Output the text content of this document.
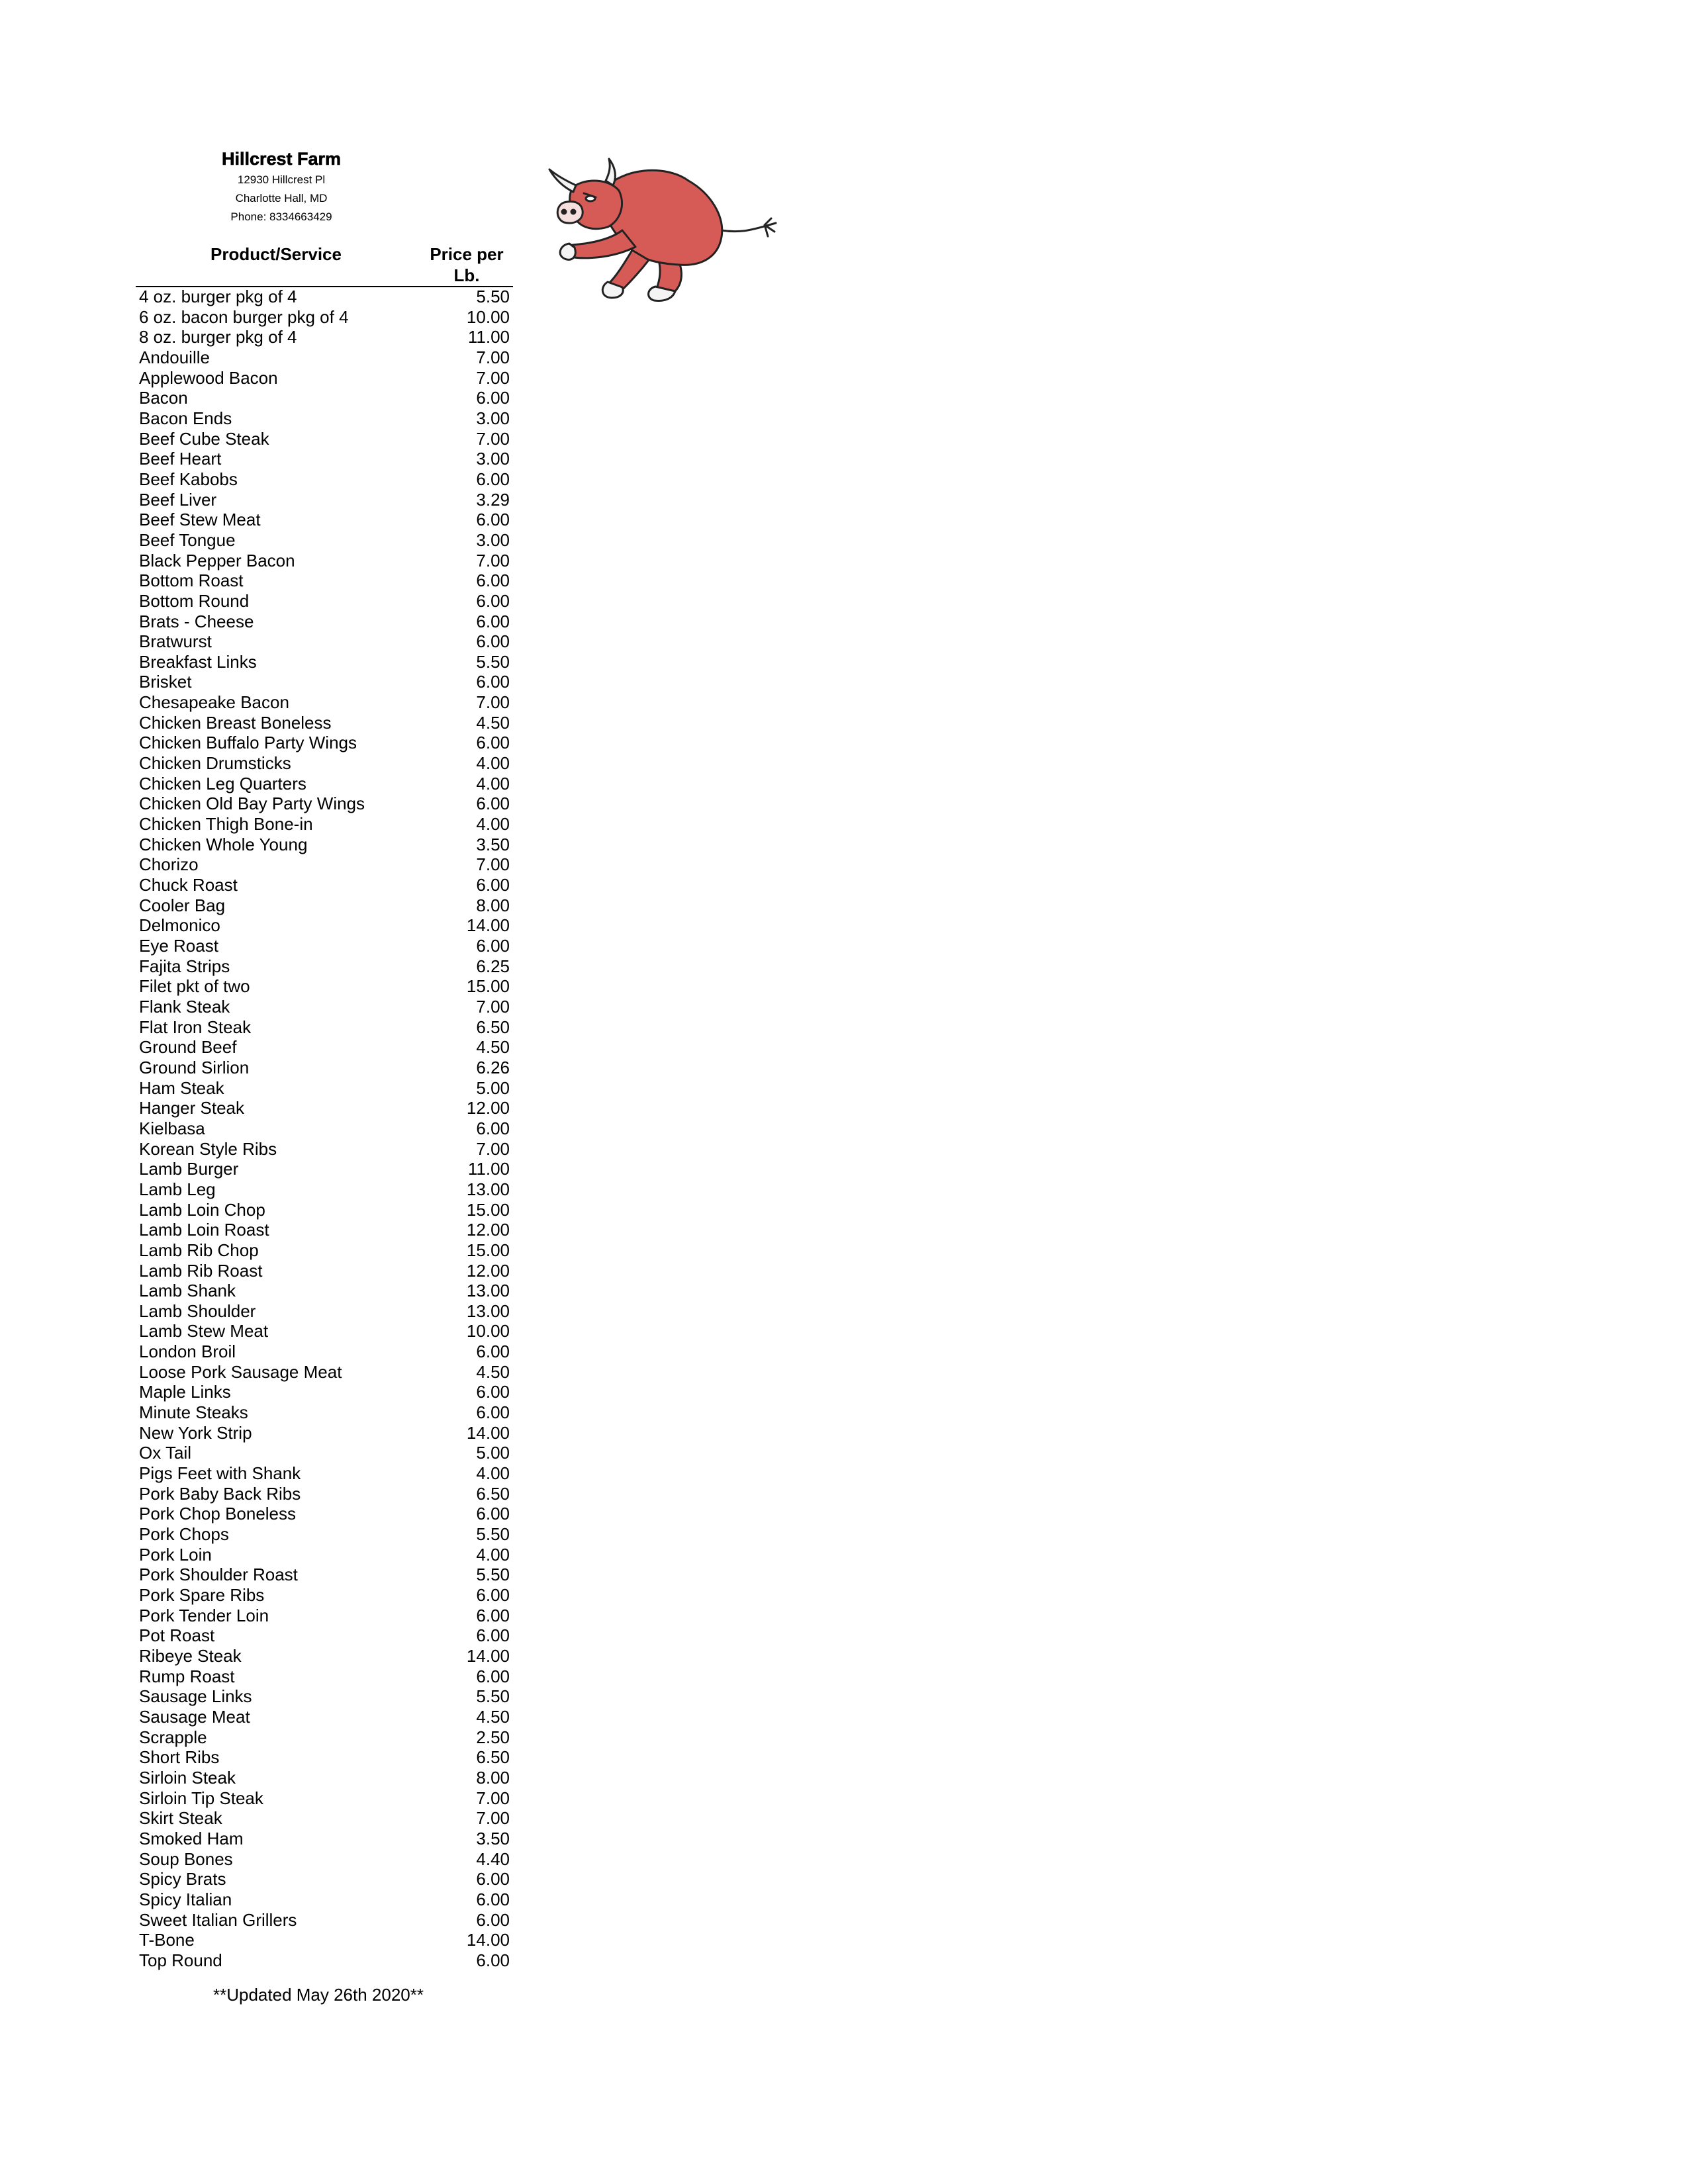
Hillcrest Farm
12930 Hillcrest Pl
Charlotte Hall, MD
Phone: 8334663429
Product/Service	Price per
Lb.
4 oz. burger pkg of 4	5.50
6 oz. bacon burger pkg of 4	10.00
8 oz. burger pkg of 4	11.00
Andouille	7.00
Applewood Bacon	7.00
Bacon	6.00
Bacon Ends	3.00
Beef Cube Steak	7.00
Beef Heart	3.00
Beef Kabobs	6.00
Beef Liver	3.29
Beef Stew Meat	6.00
Beef Tongue	3.00
Black Pepper Bacon	7.00
Bottom Roast	6.00
Bottom Round	6.00
Brats - Cheese	6.00
Bratwurst	6.00
Breakfast Links	5.50
Brisket	6.00
Chesapeake Bacon	7.00
Chicken Breast Boneless	4.50
Chicken Buffalo Party Wings	6.00
Chicken Drumsticks	4.00
Chicken Leg Quarters	4.00
Chicken Old Bay Party Wings	6.00
Chicken Thigh Bone-in	4.00
Chicken Whole Young	3.50
Chorizo	7.00
Chuck Roast	6.00
Cooler Bag	8.00
Delmonico	14.00
Eye Roast	6.00
Fajita Strips	6.25
Filet pkt of two	15.00
Flank Steak	7.00
Flat Iron Steak	6.50
Ground Beef	4.50
Ground Sirlion	6.26
Ham Steak	5.00
Hanger Steak	12.00
Kielbasa	6.00
Korean Style Ribs	7.00
Lamb Burger	11.00
Lamb Leg	13.00
Lamb Loin Chop	15.00
Lamb Loin Roast	12.00
Lamb Rib Chop	15.00
Lamb Rib Roast	12.00
Lamb Shank	13.00
Lamb Shoulder	13.00
Lamb Stew Meat	10.00
London Broil	6.00
Loose Pork Sausage Meat	4.50
Maple Links	6.00
Minute Steaks	6.00
New York Strip	14.00
Ox Tail	5.00
Pigs Feet with Shank	4.00
Pork Baby Back Ribs	6.50
Pork Chop Boneless	6.00
Pork Chops	5.50
Pork Loin	4.00
Pork Shoulder Roast	5.50
Pork Spare Ribs	6.00
Pork Tender Loin	6.00
Pot Roast	6.00
Ribeye Steak	14.00
Rump Roast	6.00
Sausage Links	5.50
Sausage Meat	4.50
Scrapple	2.50
Short Ribs	6.50
Sirloin Steak	8.00
Sirloin Tip Steak	7.00
Skirt Steak	7.00
Smoked Ham	3.50
Soup Bones	4.40
Spicy Brats	6.00
Spicy Italian	6.00
Sweet Italian Grillers	6.00
T-Bone	14.00
Top Round	6.00
**Updated May 26th 2020**
